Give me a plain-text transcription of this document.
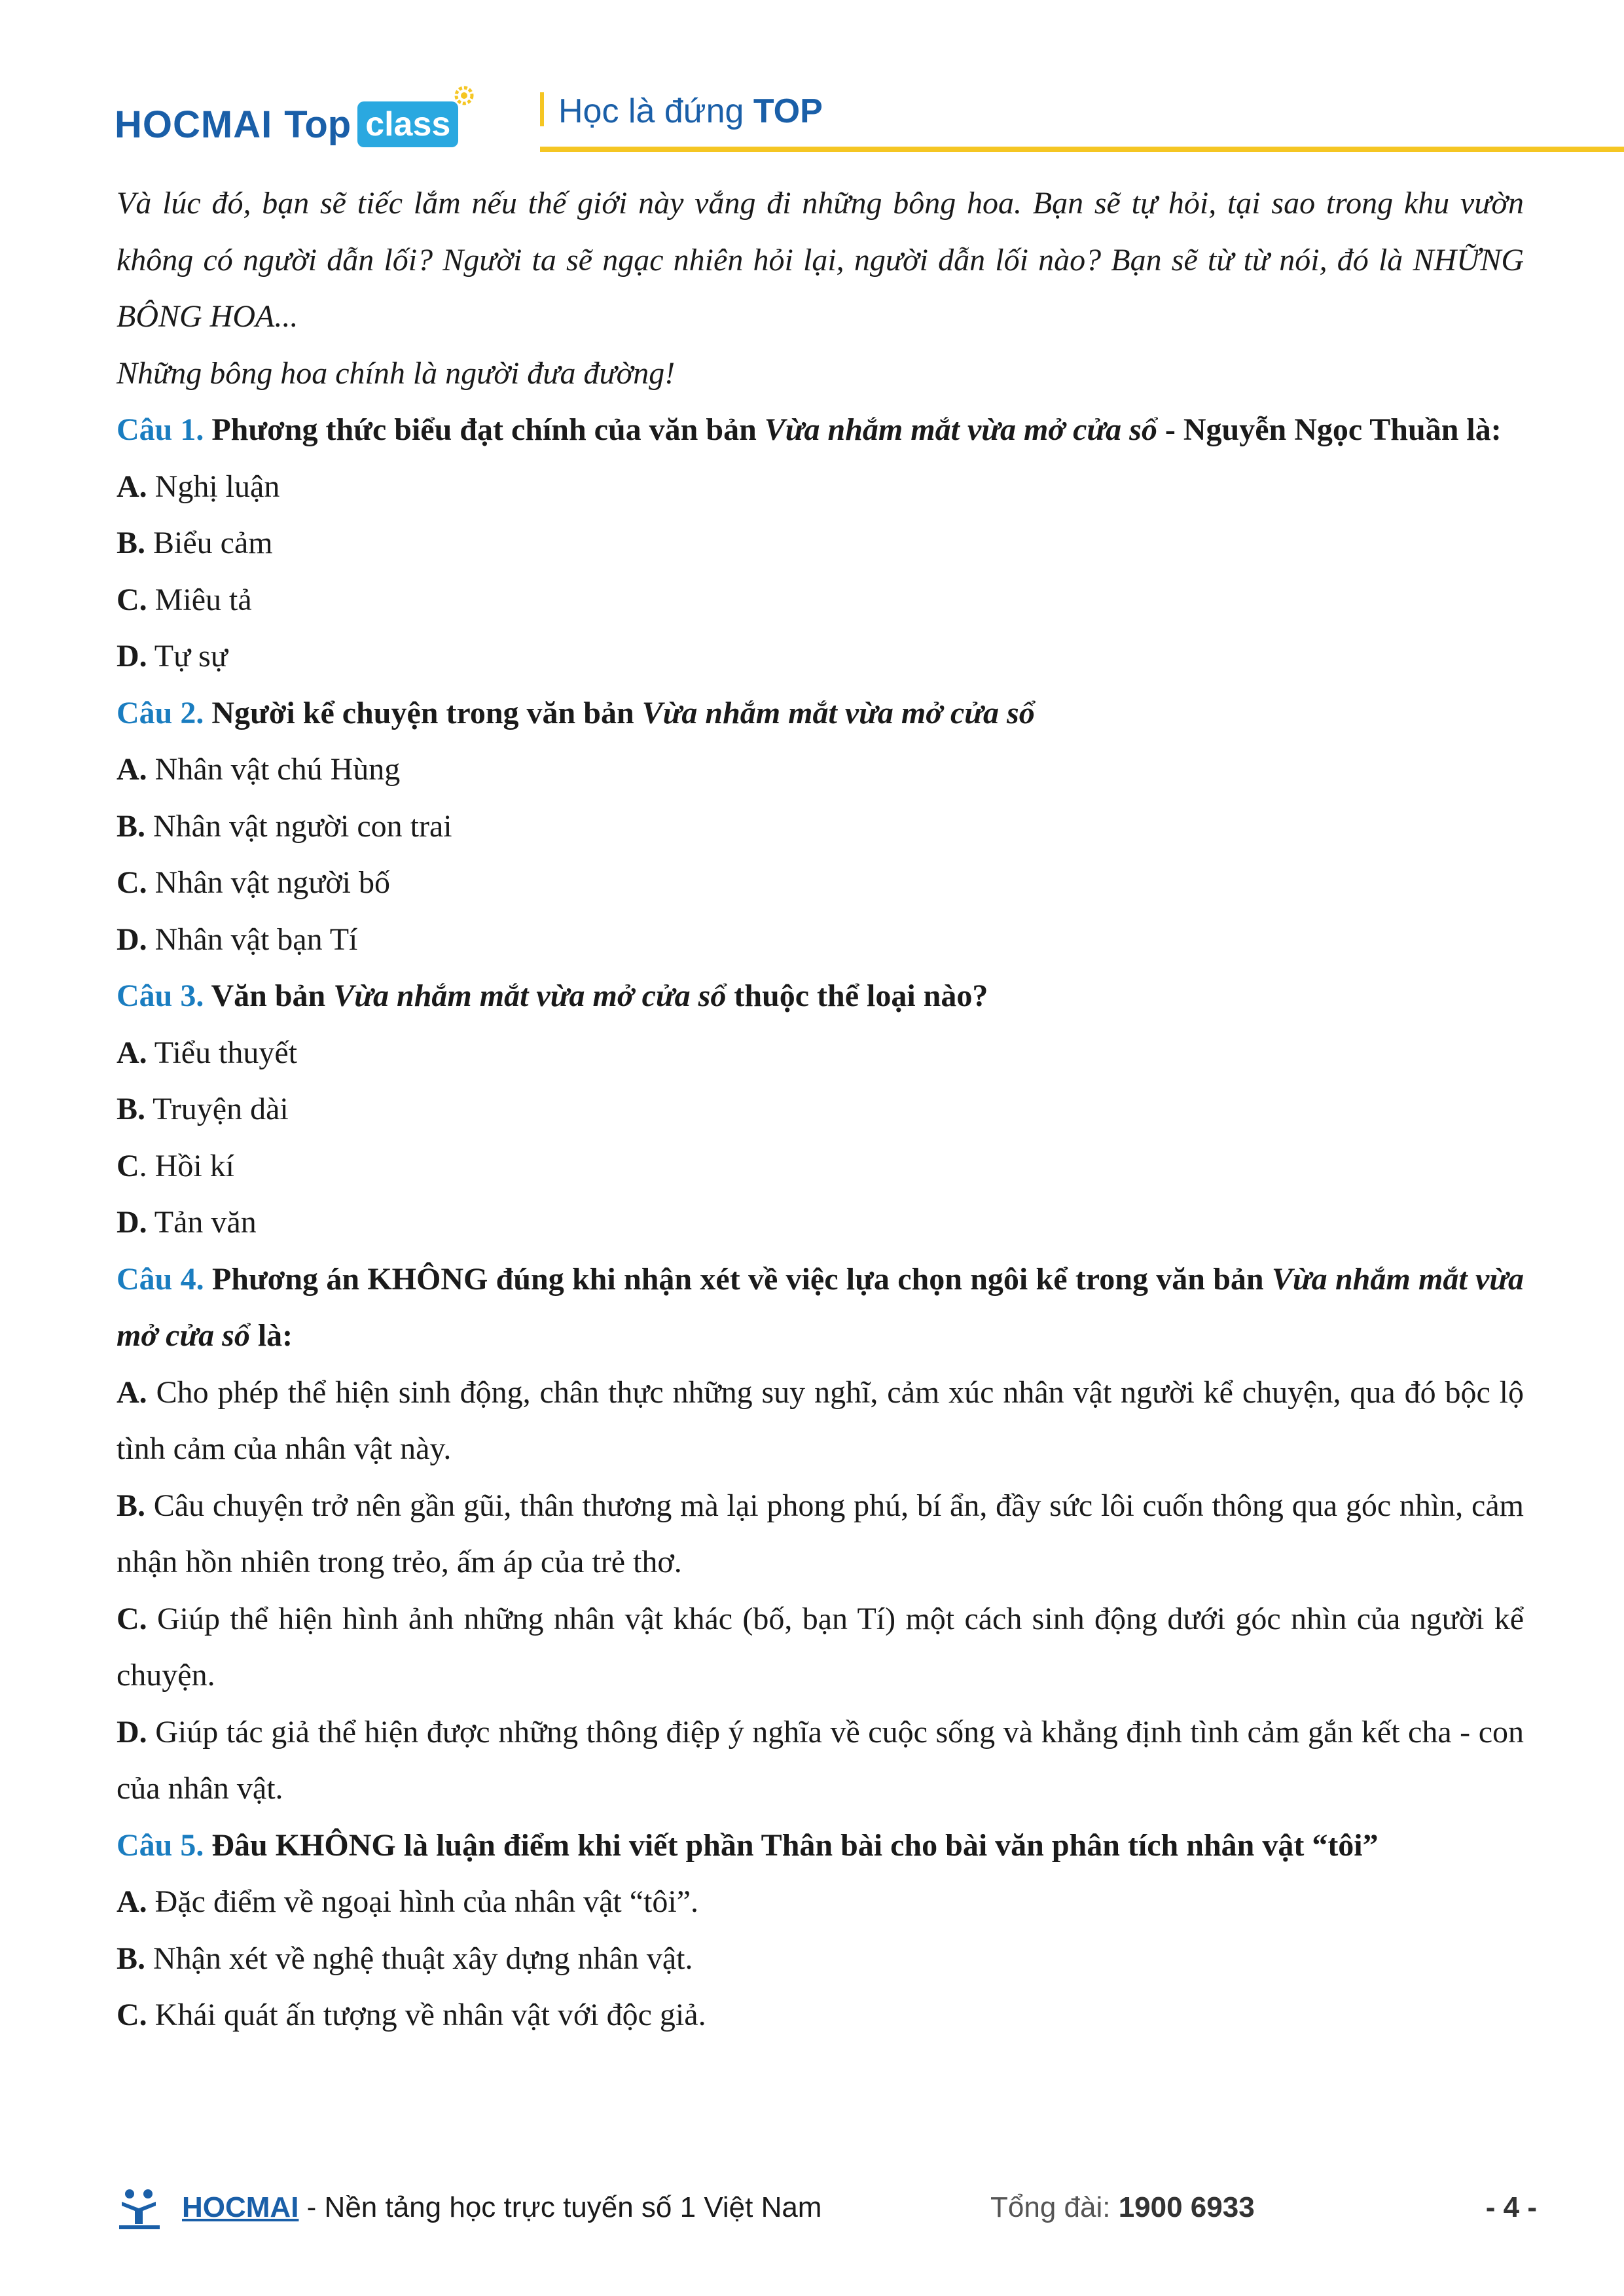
HOCMAI Top class	Học là đứng TOP

Và lúc đó, bạn sẽ tiếc lắm nếu thế giới này vắng đi những bông hoa. Bạn sẽ tự hỏi, tại sao trong khu vườn không có người dẫn lối? Người ta sẽ ngạc nhiên hỏi lại, người dẫn lối nào? Bạn sẽ từ từ nói, đó là NHỮNG BÔNG HOA...

Những bông hoa chính là người đưa đường!

Câu 1. Phương thức biểu đạt chính của văn bản Vừa nhắm mắt vừa mở cửa sổ - Nguyễn Ngọc Thuần là:

A. Nghị luận

B. Biểu cảm

C. Miêu tả

D. Tự sự

Câu 2. Người kể chuyện trong văn bản Vừa nhắm mắt vừa mở cửa sổ

A. Nhân vật chú Hùng

B. Nhân vật người con trai

C. Nhân vật người bố

D. Nhân vật bạn Tí

Câu 3. Văn bản Vừa nhắm mắt vừa mở cửa sổ thuộc thể loại nào?

A. Tiểu thuyết

B. Truyện dài

C. Hồi kí

D. Tản văn

Câu 4. Phương án KHÔNG đúng khi nhận xét về việc lựa chọn ngôi kể trong văn bản Vừa nhắm mắt vừa mở cửa sổ là:

A. Cho phép thể hiện sinh động, chân thực những suy nghĩ, cảm xúc nhân vật người kể chuyện, qua đó bộc lộ tình cảm của nhân vật này.

B. Câu chuyện trở nên gần gũi, thân thương mà lại phong phú, bí ẩn, đầy sức lôi cuốn thông qua góc nhìn, cảm nhận hồn nhiên trong trẻo, ấm áp của trẻ thơ.

C. Giúp thể hiện hình ảnh những nhân vật khác (bố, bạn Tí) một cách sinh động dưới góc nhìn của người kể chuyện.

D. Giúp tác giả thể hiện được những thông điệp ý nghĩa về cuộc sống và khẳng định tình cảm gắn kết cha - con của nhân vật.

Câu 5. Đâu KHÔNG là luận điểm khi viết phần Thân bài cho bài văn phân tích nhân vật “tôi”

A. Đặc điểm về ngoại hình của nhân vật “tôi”.

B. Nhận xét về nghệ thuật xây dựng nhân vật.

C. Khái quát ấn tượng về nhân vật với độc giả.

HOCMAI - Nền tảng học trực tuyến số 1 Việt Nam	Tổng đài: 1900 6933	- 4 -
